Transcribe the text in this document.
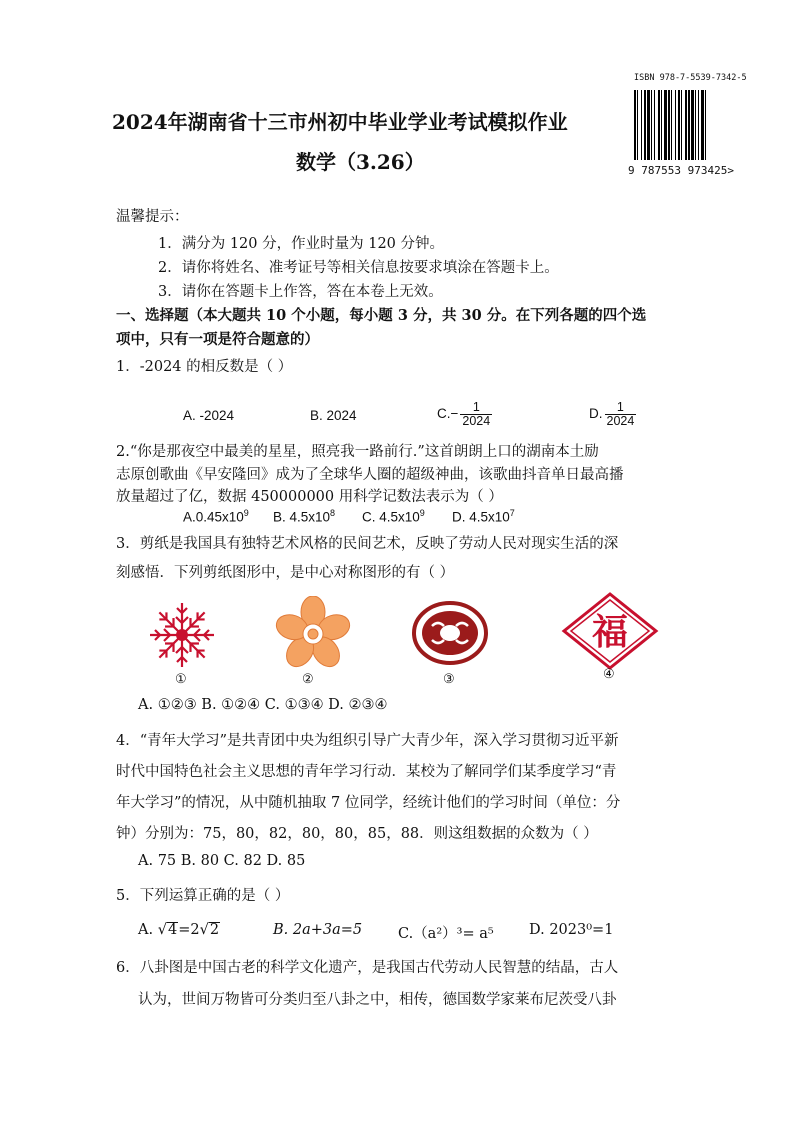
ISBN 978-7-5539-7342-5
9 787553 973425>
2024年湖南省十三市州初中毕业学业考试模拟作业
数学（3.26）
温馨提示：
1．满分为 120 分，作业时量为 120 分钟。
2．请你将姓名、准考证号等相关信息按要求填涂在答题卡上。
3．请你在答题卡上作答，答在本卷上无效。
一、选择题（本大题共 10 个小题，每小题 3 分，共 30 分。在下列各题的四个选
项中，只有一项是符合题意的）
1．-2024 的相反数是（ ）
A. -2024	B. 2024	$C.- \frac{1}{2024}$	D. $\frac{1}{2024}$
2.“你是那夜空中最美的星星，照亮我一路前行.”这首朗朗上口的湖南本土励
志原创歌曲《早安隆回》成为了全球华人圈的超级神曲，该歌曲抖音单日最高播
放量超过了亿，数据 450000000 用科学记数法表示为（ ）
$A.0.45x10^9$ B. $4.5x10^8$ C. $4.5x10^9$ D. $4.5x10^7$
3．剪纸是我国具有独特艺术风格的民间艺术，反映了劳动人民对现实生活的深
刻感悟．下列剪纸图形中，是中心对称图形的有（ ）
福
①	②	③	④
A. ①②③ B. ①②④ C. ①③④ D. ②③④
4．“青年大学习”是共青团中央为组织引导广大青少年，深入学习贯彻习近平新
时代中国特色社会主义思想的青年学习行动．某校为了解同学们某季度学习“青
年大学习”的情况，从中随机抽取 7 位同学，经统计他们的学习时间（单位：分
钟）分别为：75，80，82，80，80，85，88．则这组数据的众数为（ ）
A. 75 B. 80 C. 82 D. 85
5．下列运算正确的是（ ）
A. √4=2√2	B. 2a+3a=5 C.（a²）³= a⁵ D. 2023⁰=1
6．八卦图是中国古老的科学文化遗产，是我国古代劳动人民智慧的结晶，古人
认为，世间万物皆可分类归至八卦之中，相传，德国数学家莱布尼茨受八卦
